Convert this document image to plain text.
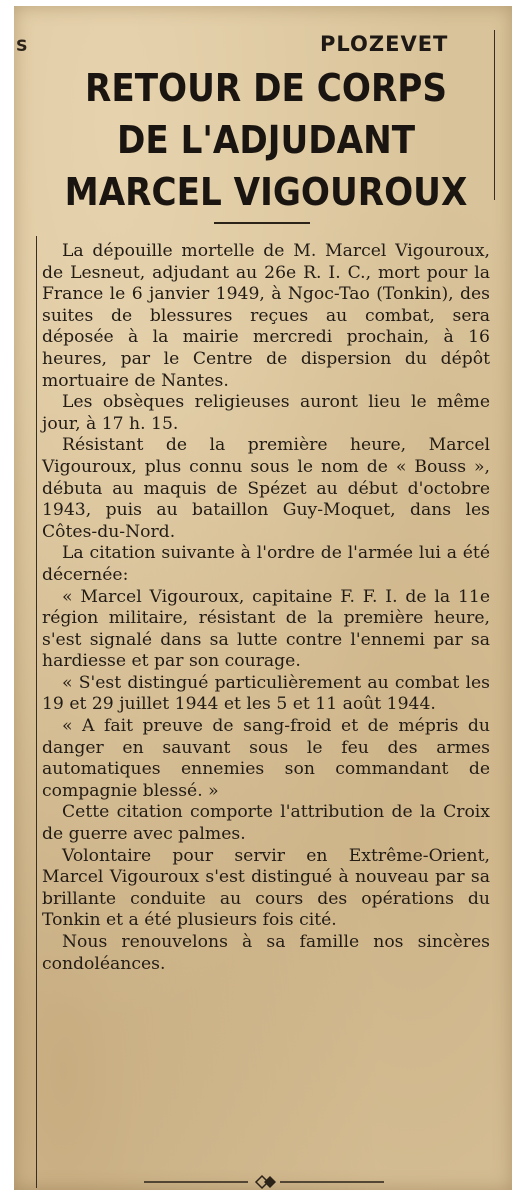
S	PLOZEVET
RETOUR DE CORPS
DE L'ADJUDANT
MARCEL VIGOUROUX

La dépouille mortelle de M. Marcel Vigouroux, de Lesneut, adjudant au 26e R. I. C., mort pour la France le 6 janvier 1949, à Ngoc-Tao (Tonkin), des suites de blessures reçues au combat, sera déposée à la mairie mercredi prochain, à 16 heures, par le Centre de dispersion du dépôt mortuaire de Nantes.

Les obsèques religieuses auront lieu le même jour, à 17 h. 15.

Résistant de la première heure, Marcel Vigouroux, plus connu sous le nom de « Bouss », débuta au maquis de Spézet au début d'octobre 1943, puis au bataillon Guy-Moquet, dans les Côtes-du-Nord.

La citation suivante à l'ordre de l'armée lui a été décernée:

« Marcel Vigouroux, capitaine F. F. I. de la 11e région militaire, résistant de la première heure, s'est signalé dans sa lutte contre l'ennemi par sa hardiesse et par son courage.

« S'est distingué particulièrement au combat les 19 et 29 juillet 1944 et les 5 et 11 août 1944.

« A fait preuve de sang-froid et de mépris du danger en sauvant sous le feu des armes automatiques ennemies son commandant de compagnie blessé. »

Cette citation comporte l'attribution de la Croix de guerre avec palmes.

Volontaire pour servir en Extrême-Orient, Marcel Vigouroux s'est distingué à nouveau par sa brillante conduite au cours des opérations du Tonkin et a été plusieurs fois cité.

Nous renouvelons à sa famille nos sincères condoléances.
